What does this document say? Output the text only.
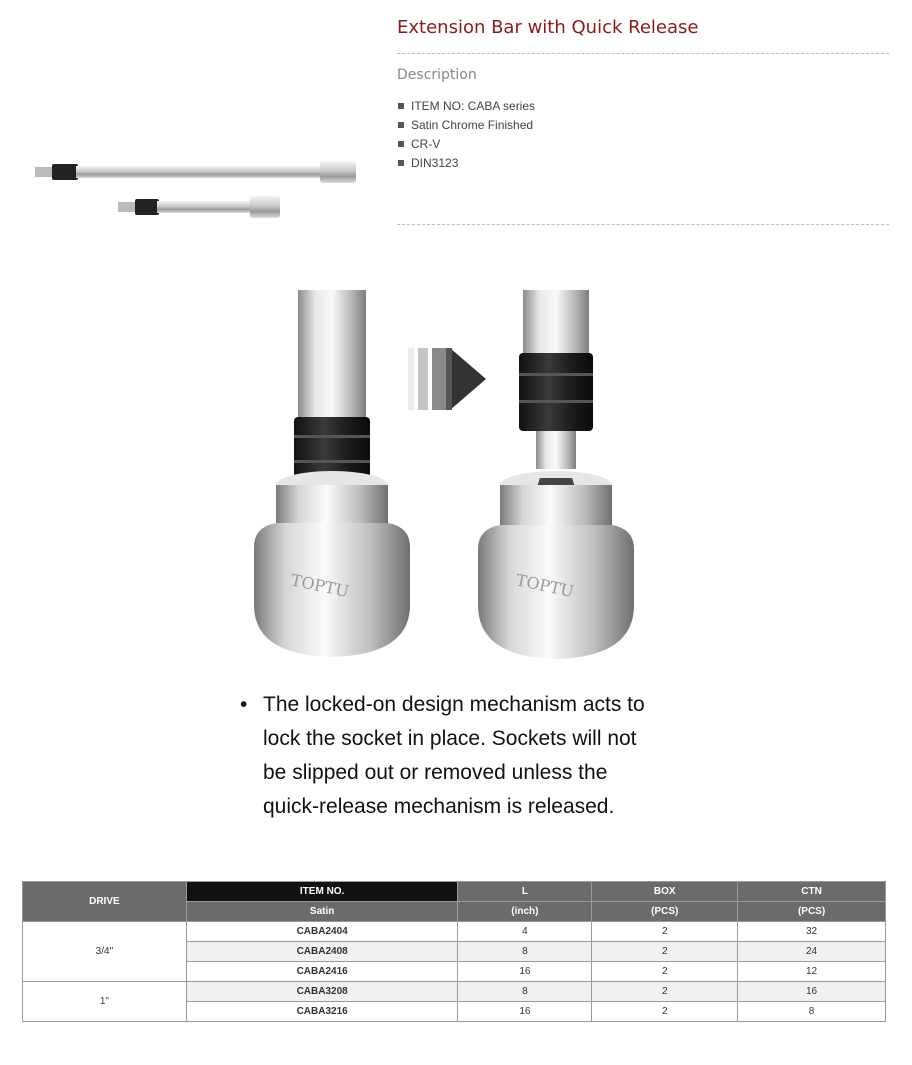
Extension Bar with Quick Release
Description
ITEM NO: CABA series
Satin Chrome Finished
CR-V
DIN3123
TOPTU	TOPTU
• The locked-on design mechanism acts to lock the socket in place. Sockets will not be slipped out or removed unless the quick-release mechanism is released.
DRIVE	ITEM NO.	L	BOX	CTN
	Satin	(inch)	(PCS)	(PCS)
3/4"	CABA2404	4	2	32
	CABA2408	8	2	24
	CABA2416	16	2	12
1"	CABA3208	8	2	16
	CABA3216	16	2	8
